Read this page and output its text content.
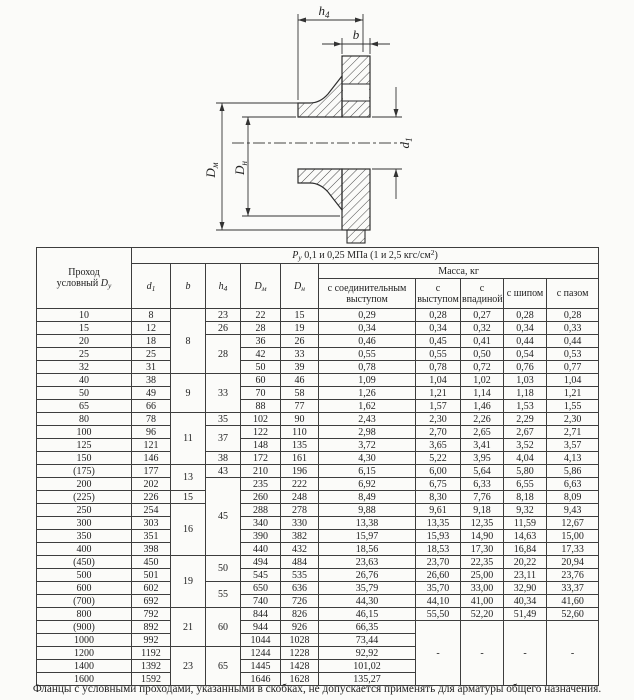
$h_4$
b
$D_м$
$D_н$
$d_1$
Проход
условный $D_у$	$P_у$ 0,1 и 0,25 МПа (1 и 2,5 кгс/$см^2$)									
	$d_1$	b	$h_4$	$D_м$	$D_н$	Масса, кг				
						с соединительным выступом	с выступом	с впадиной	с шипом	с пазом
10	8	8	23	22	15	0,29	0,28	0,27	0,28	0,28
15	12		26	28	19	0,34	0,34	0,32	0,34	0,33
20	18		28	36	26	0,46	0,45	0,41	0,44	0,44
25	25			42	33	0,55	0,55	0,50	0,54	0,53
32	31			50	39	0,78	0,78	0,72	0,76	0,77
40	38	9	33	60	46	1,09	1,04	1,02	1,03	1,04
50	49			70	58	1,26	1,21	1,14	1,18	1,21
65	66			88	77	1,62	1,57	1,46	1,53	1,55
80	78	11	35	102	90	2,43	2,30	2,26	2,29	2,30
100	96		37	122	110	2,98	2,70	2,65	2,67	2,71
125	121			148	135	3,72	3,65	3,41	3,52	3,57
150	146		38	172	161	4,30	5,22	3,95	4,04	4,13
(175)	177	13	43	210	196	6,15	6,00	5,64	5,80	5,86
200	202		45	235	222	6,92	6,75	6,33	6,55	6,63
(225)	226	15		260	248	8,49	8,30	7,76	8,18	8,09
250	254	16		288	278	9,88	9,61	9,18	9,32	9,43
300	303			340	330	13,38	13,35	12,35	11,59	12,67
350	351			390	382	15,97	15,93	14,90	14,63	15,00
400	398			440	432	18,56	18,53	17,30	16,84	17,33
(450)	450	19	50	494	484	23,63	23,70	22,35	20,22	20,94
500	501			545	535	26,76	26,60	25,00	23,11	23,76
600	602		55	650	636	35,79	35,70	33,00	32,90	33,37
(700)	692			740	726	44,30	44,10	41,00	40,34	41,60
800	792	21	60	844	826	46,15	55,50	52,20	51,49	52,60
(900)	892			944	926	66,35	-	-	-	-
1000	992			1044	1028	73,44				
1200	1192	23	65	1244	1228	92,92				
1400	1392			1445	1428	101,02				
1600	1592			1646	1628	135,27				
Фланцы с условными проходами, указанными в скобках, не допускается применять для арматуры общего назначения.
